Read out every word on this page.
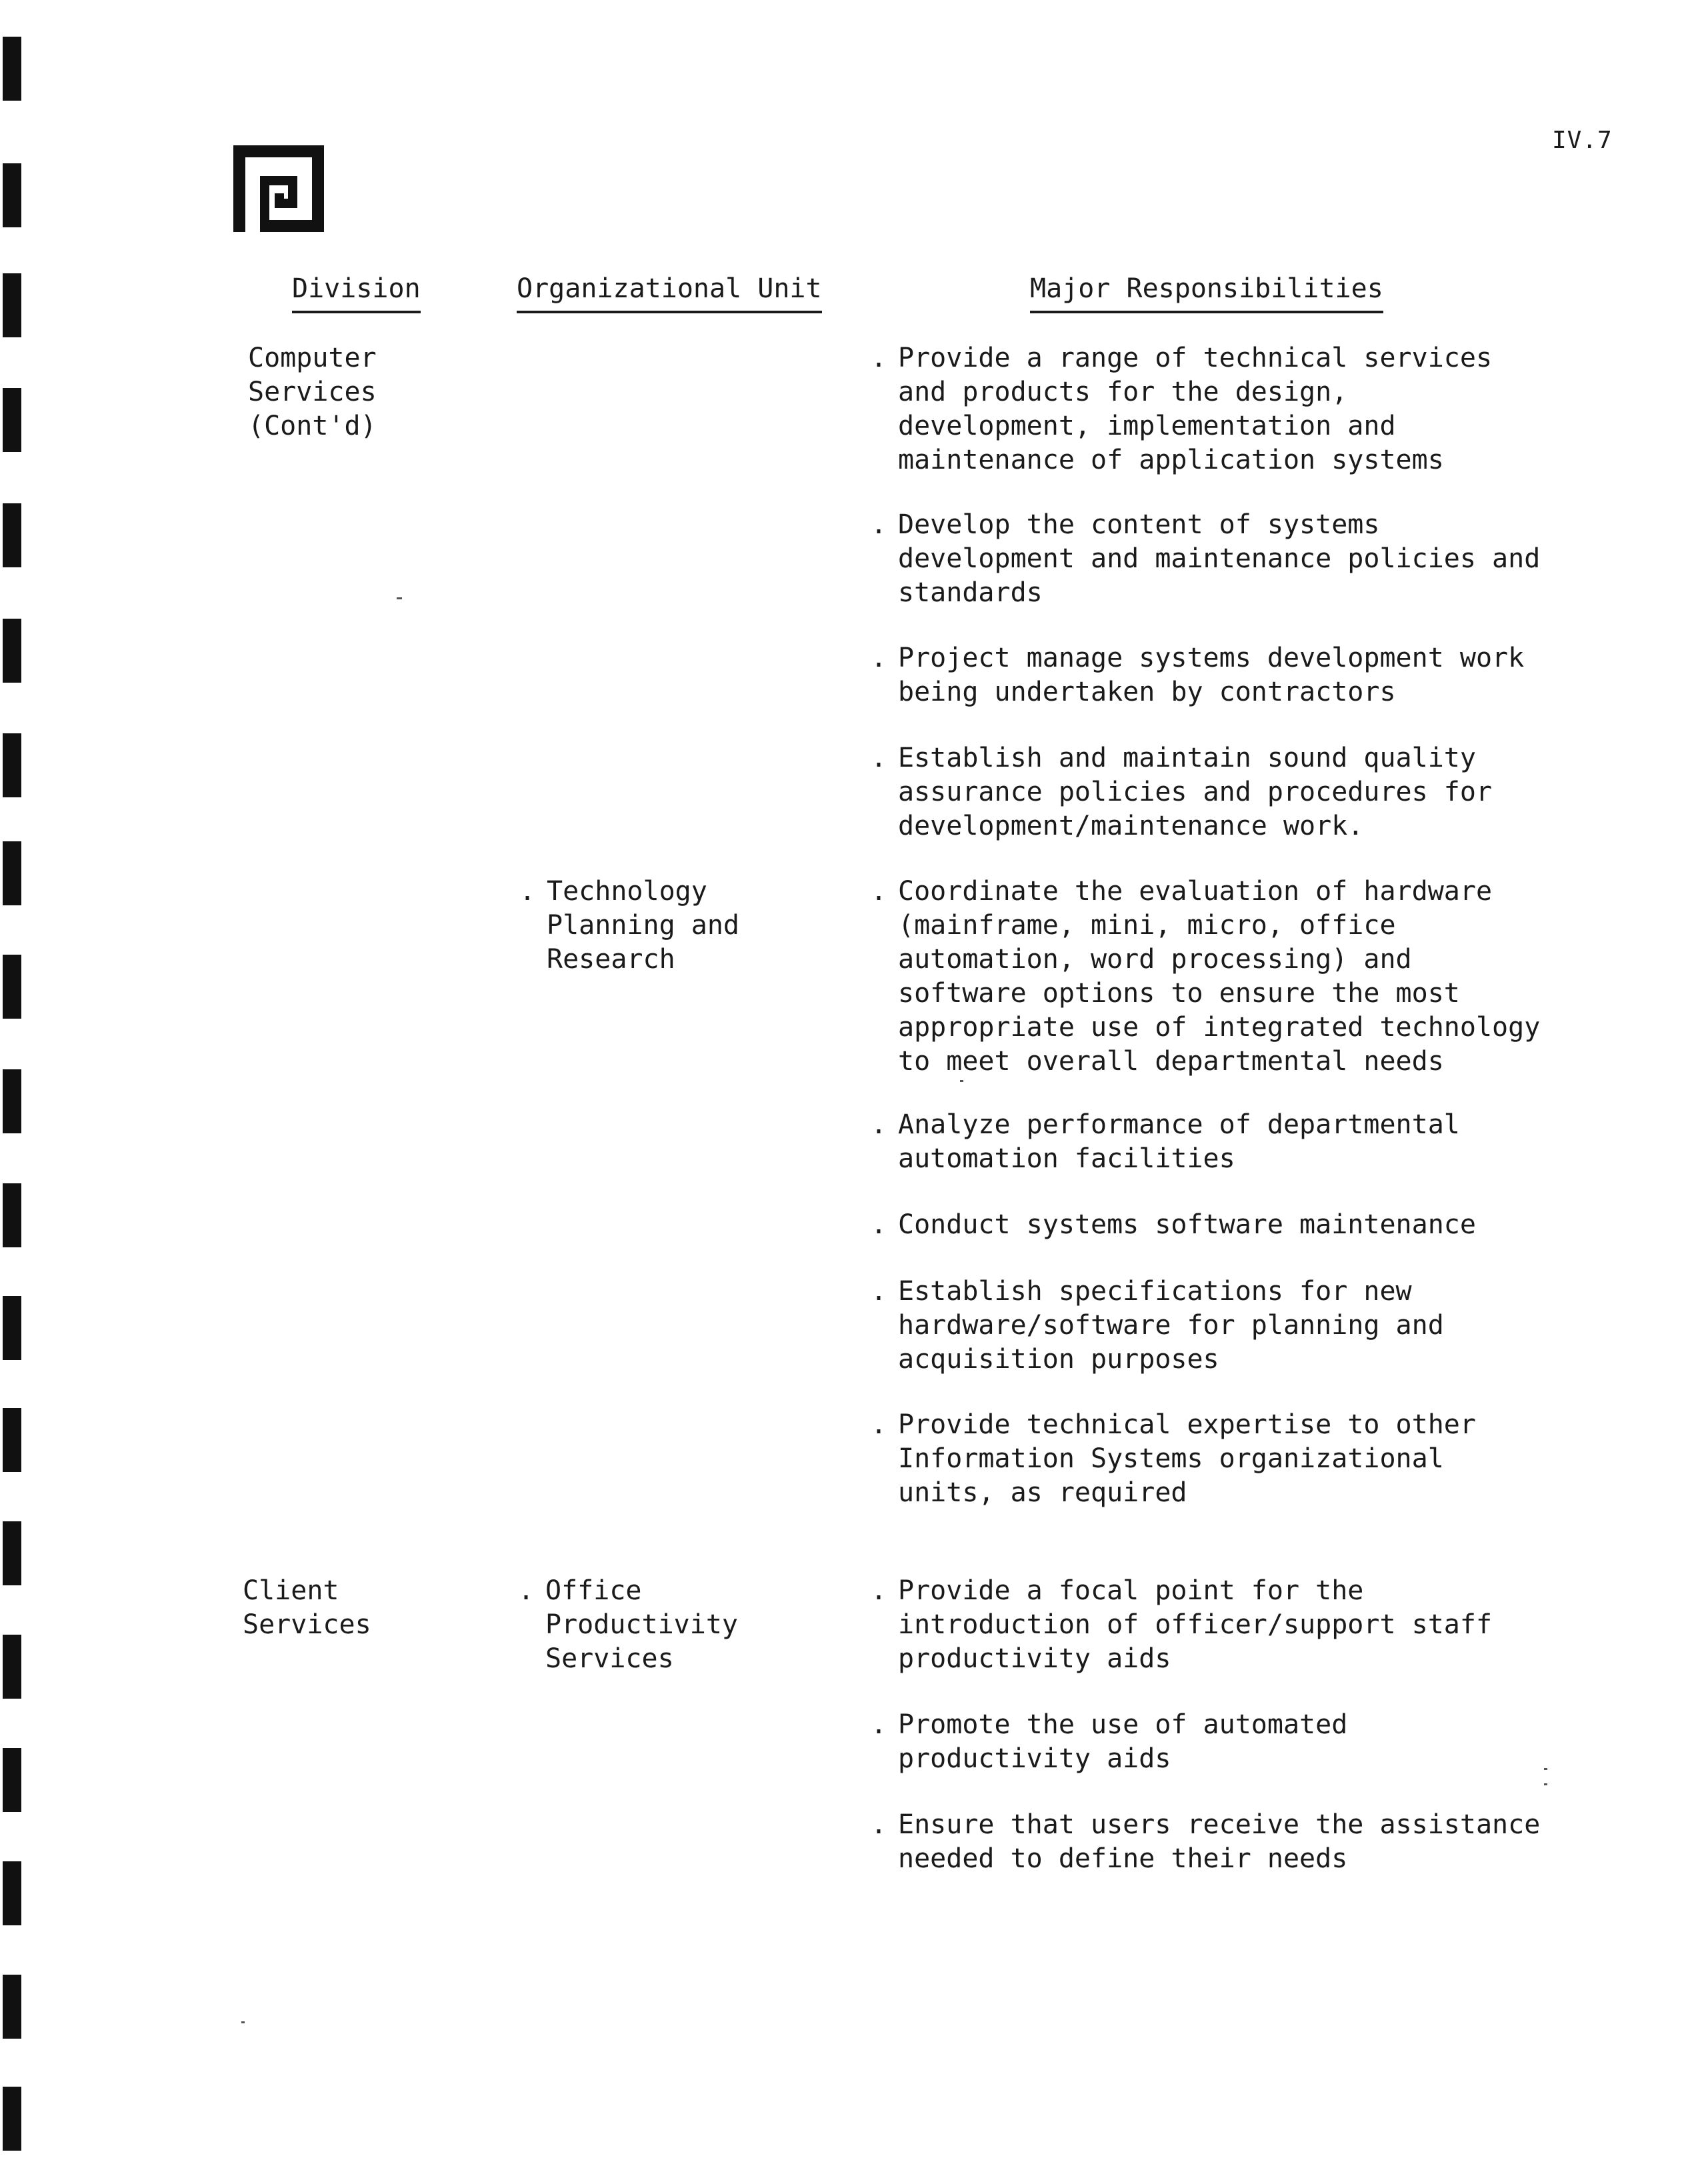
IV.7
Division	Organizational Unit	Major Responsibilities
Computer
Services
(Cont'd)
. Provide a range of technical services
and products for the design,
development, implementation and
maintenance of application systems
. Develop the content of systems
development and maintenance policies and
standards
. Project manage systems development work
being undertaken by contractors
. Establish and maintain sound quality
assurance policies and procedures for
development/maintenance work.
. Technology
Planning and
Research
. Coordinate the evaluation of hardware
(mainframe, mini, micro, office
automation, word processing) and
software options to ensure the most
appropriate use of integrated technology
to meet overall departmental needs
. Analyze performance of departmental
automation facilities
. Conduct systems software maintenance
. Establish specifications for new
hardware/software for planning and
acquisition purposes
. Provide technical expertise to other
Information Systems organizational
units, as required
Client
Services
. Office
Productivity
Services
. Provide a focal point for the
introduction of officer/support staff
productivity aids
. Promote the use of automated
productivity aids
. Ensure that users receive the assistance
needed to define their needs
